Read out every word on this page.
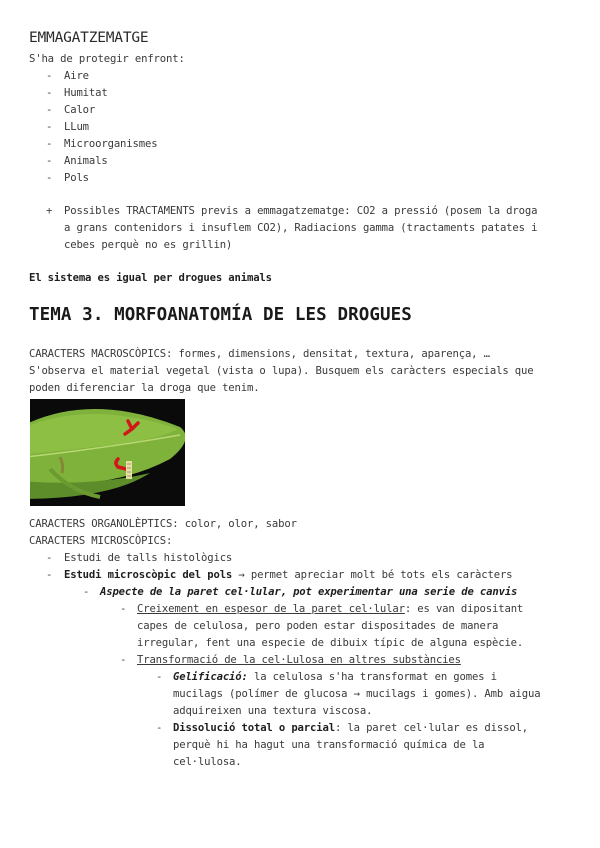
EMMAGATZEMATGE
S'ha de protegir enfront:
- Aire
- Humitat
- Calor
- LLum
- Microorganismes
- Animals
- Pols
+ Possibles TRACTAMENTS previs a emmagatzematge: CO2 a pressió (posem la droga
a grans contenidors i insuflem CO2), Radiacions gamma (tractaments patates i
cebes perquè no es grillin)
El sistema es igual per drogues animals
TEMA 3. MORFOANATOMÍA DE LES DROGUES
CARACTERS MACROSCÒPICS: formes, dimensions, densitat, textura, aparença, …
S'observa el material vegetal (vista o lupa). Busquem els caràcters especials que
poden diferenciar la droga que tenim.
CARACTERS ORGANOLÈPTICS: color, olor, sabor
CARACTERS MICROSCÒPICS:
- Estudi de talls histològics
- Estudi microscòpic del pols → permet apreciar molt bé tots els caràcters
- Aspecte de la paret cel·lular, pot experimentar una serie de canvis
- Creixement en espesor de la paret cel·lular: es van dipositant
capes de celulosa, pero poden estar dispositades de manera
irregular, fent una especie de dibuix típic de alguna espècie.
- Transformació de la cel·Lulosa en altres substàncies
- Gelificació: la celulosa s'ha transformat en gomes i
mucilags (polímer de glucosa → mucilags i gomes). Amb aigua
adquireixen una textura viscosa.
- Dissolució total o parcial: la paret cel·lular es dissol,
perquè hi ha hagut una transformació química de la
cel·lulosa.
